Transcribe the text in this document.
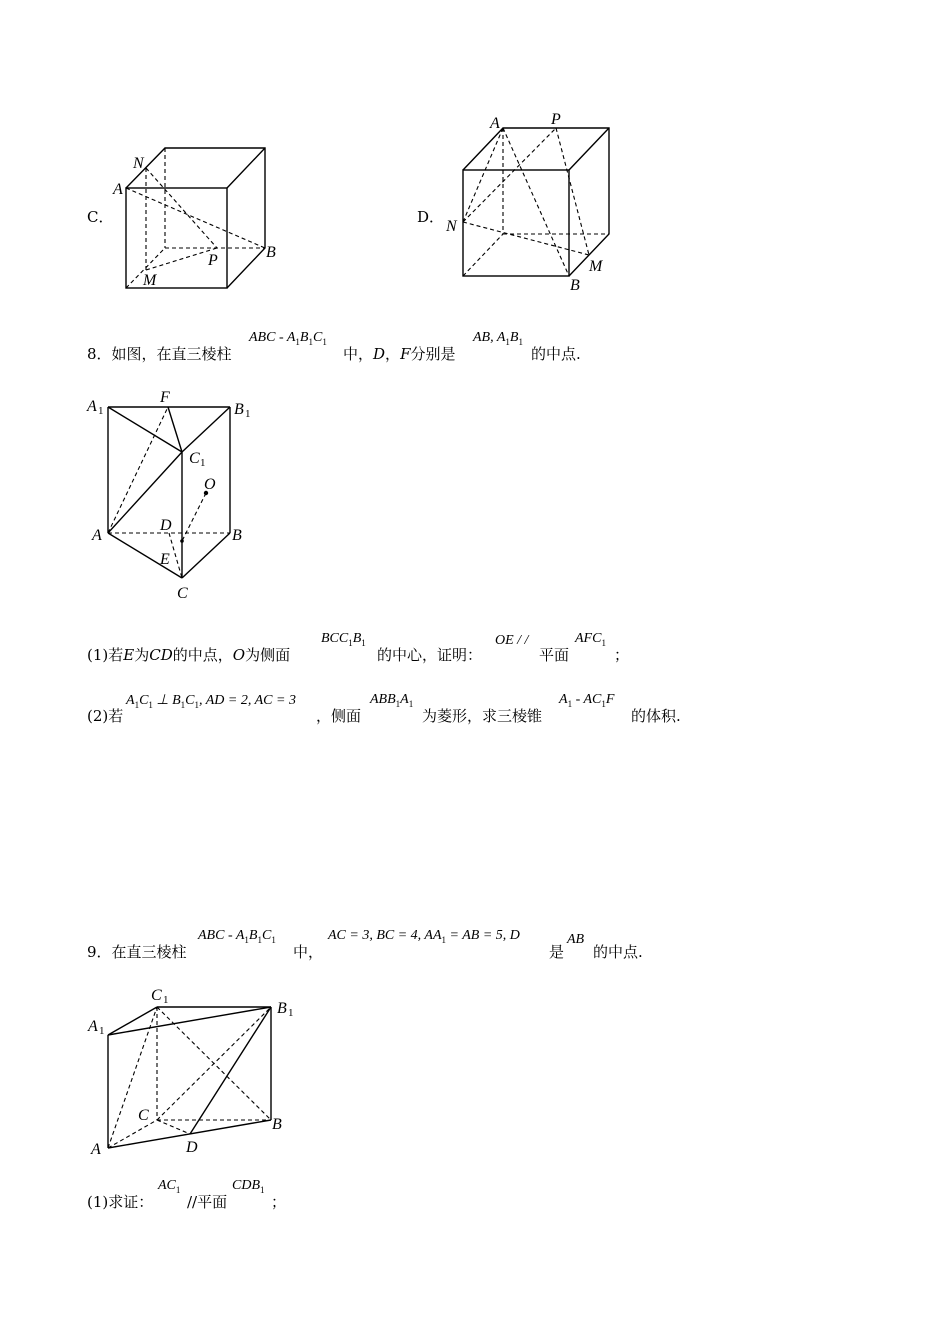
C．
N
A
M
P	B
D．
A	P
N
M
B
8．如图，在直三棱柱
ABC - $A_1B_1C_1$
中，D，F分别是
AB, $A_1B_1$
的中点.
A 1
F
B 1
C 1
O
D
A	B
E
C
(1)若E为CD的中点，O为侧面
$BCC_1B_1$
的中心，证明：
OE / /
平面
$AFC_1$
；
(2)若
$A_1C_1$ ⊥ $B_1C_1$, AD = 2, AC = 3
，侧面
$ABB_1A_1$
为菱形，求三棱锥
$A_1 - AC_1F$
的体积.
9．在直三棱柱
ABC - $A_1B_1C_1$
中，
AC = 3, BC = 4, $AA_1$ = AB = 5, D
是
AB
的中点.
C 1	B 1
A 1
C
B
A	D
(1)求证：
$AC_1$
//平面
$CDB_1$
；
